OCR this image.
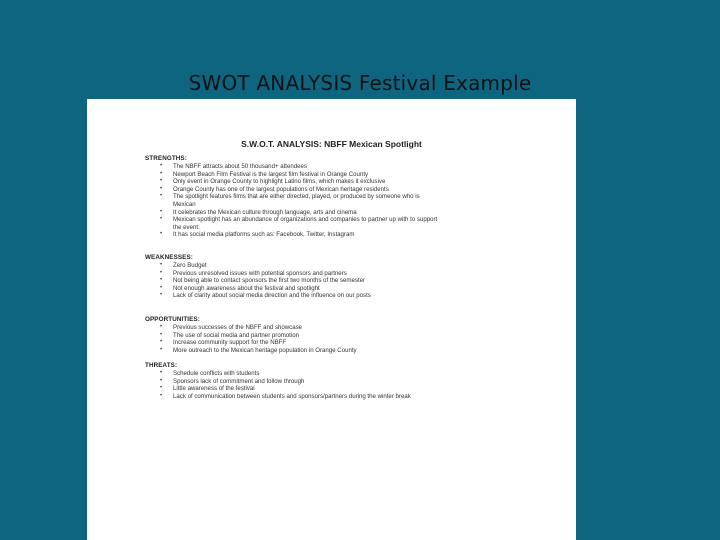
SWOT ANALYSIS Festival Example
S.W.O.T. ANALYSIS: NBFF Mexican Spotlight
STRENGTHS:
• The NBFF attracts about 50 thousand+ attendees
• Newport Beach Film Festival is the largest film festival in Orange County
• Only event in Orange County to highlight Latino films, which makes it exclusive
• Orange County has one of the largest populations of Mexican heritage residents
• The spotlight features films that are either directed, played, or produced by someone who is
Mexican
• It celebrates the Mexican culture through language, arts and cinema
• Mexican spotlight has an abundance of organizations and companies to partner up with to support
the event.
• It has social media platforms such as: Facebook, Twitter, Instagram
WEAKNESSES:
• Zero Budget
• Previous unresolved issues with potential sponsors and partners
• Not being able to contact sponsors the first two months of the semester
• Not enough awareness about the festival and spotlight
• Lack of clarity about social media direction and the influence on our posts
OPPORTUNITIES:
• Previous successes of the NBFF and showcase
• The use of social media and partner promotion
• Increase community support for the NBFF
• More outreach to the Mexican heritage population in Orange County
THREATS:
• Schedule conflicts with students
• Sponsors lack of commitment and follow through
• Little awareness of the festival
• Lack of communication between students and sponsors/partners during the winter break
